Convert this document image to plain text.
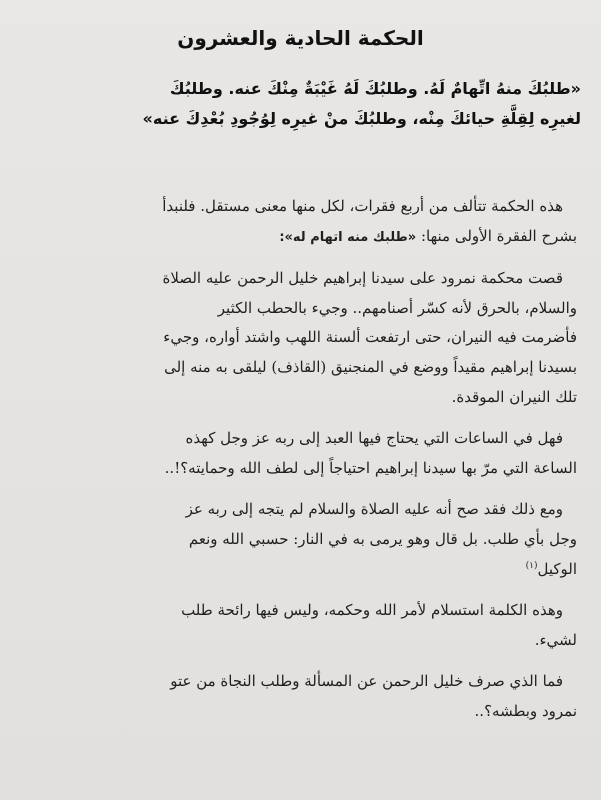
الحكمة الحادية والعشرون
«طلبُكَ منهُ اتِّهامٌ لَهُ. وطلبُكَ لَهُ غَيْبَةٌ مِنْكَ عنه. وطلبُكَ
لغيرِه لِقِلَّةِ حيائكَ مِنْه، وطلبُكَ منْ غيرِه لِوُجُودِ بُعْدِكَ عنه»

هذه الحكمة تتألف من أربع فقرات، لكل منها معنى مستقل. فلنبدأ
بشرح الفقرة الأولى منها: «طلبك منه اتهام له»:

قصت محكمة نمرود على سيدنا إبراهيم خليل الرحمن عليه الصلاة
والسلام، بالحرق لأنه كسّر أصنامهم.. وجيء بالحطب الكثير
فأضرمت فيه النيران، حتى ارتفعت ألسنة اللهب واشتد أواره، وجيء
بسيدنا إبراهيم مقيداً ووضع في المنجنيق (القاذف) ليلقى به منه إلى
تلك النيران الموقدة.

فهل في الساعات التي يحتاج فيها العبد إلى ربه عز وجل كهذه
الساعة التي مرّ بها سيدنا إبراهيم احتياجاً إلى لطف الله وحمايته؟!..

ومع ذلك فقد صح أنه عليه الصلاة والسلام لم يتجه إلى ربه عز
وجل بأي طلب. بل قال وهو يرمى به في النار: حسبي الله ونعم
الوكيل$^{(١)}$

وهذه الكلمة استسلام لأمر الله وحكمه، وليس فيها رائحة طلب
لشيء.

فما الذي صرف خليل الرحمن عن المسألة وطلب النجاة من عتو
نمرود وبطشه؟..
